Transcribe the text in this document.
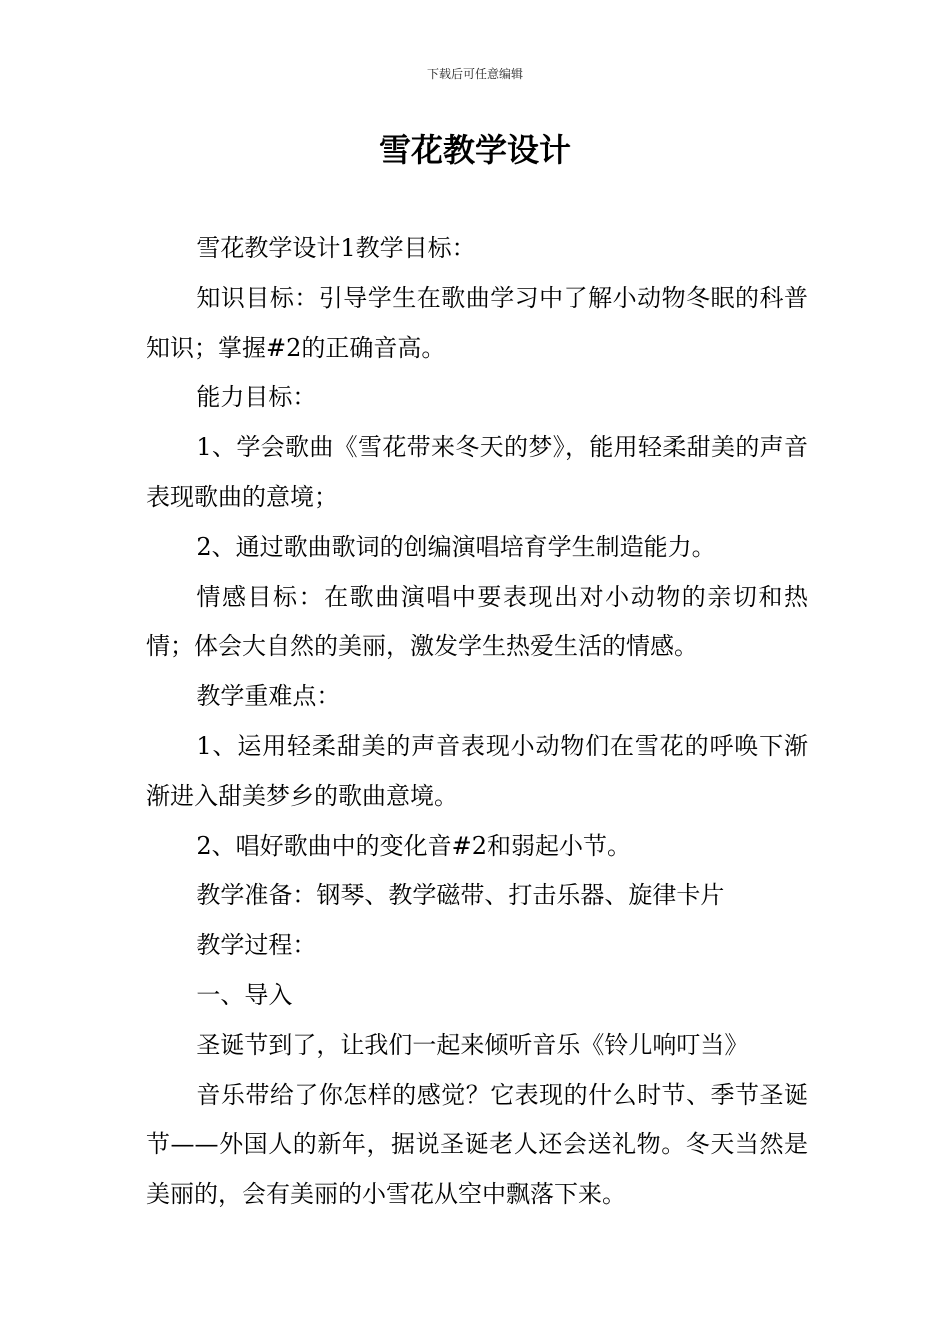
下载后可任意编辑
雪花教学设计

雪花教学设计1教学目标：

知识目标：引导学生在歌曲学习中了解小动物冬眠的科普知识；掌握#2的正确音高。

能力目标：

1、学会歌曲《雪花带来冬天的梦》，能用轻柔甜美的声音表现歌曲的意境；

2、通过歌曲歌词的创编演唱培育学生制造能力。

情感目标：在歌曲演唱中要表现出对小动物的亲切和热情；体会大自然的美丽，激发学生热爱生活的情感。

教学重难点：

1、运用轻柔甜美的声音表现小动物们在雪花的呼唤下渐渐进入甜美梦乡的歌曲意境。

2、唱好歌曲中的变化音#2和弱起小节。

教学准备：钢琴、教学磁带、打击乐器、旋律卡片

教学过程：

一、导入

圣诞节到了，让我们一起来倾听音乐《铃儿响叮当》

音乐带给了你怎样的感觉？它表现的什么时节、季节圣诞节——外国人的新年，据说圣诞老人还会送礼物。冬天当然是美丽的，会有美丽的小雪花从空中飘落下来。
